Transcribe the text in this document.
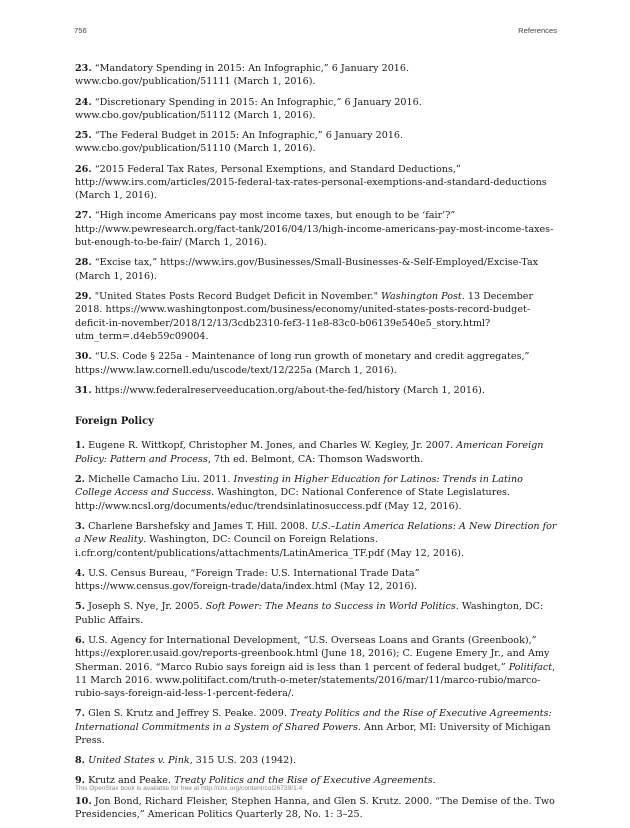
756	References

23. “Mandatory Spending in 2015: An Infographic,” 6 January 2016. www.cbo.gov/publication/51111 (March 1, 2016).

24. “Discretionary Spending in 2015: An Infographic,” 6 January 2016. www.cbo.gov/publication/51112 (March 1, 2016).

25. “The Federal Budget in 2015: An Infographic,” 6 January 2016. www.cbo.gov/publication/51110 (March 1, 2016).

26. “2015 Federal Tax Rates, Personal Exemptions, and Standard Deductions,” http://www.irs.com/articles/2015-federal-tax-rates-personal-exemptions-and-standard-deductions (March 1, 2016).

27. “High income Americans pay most income taxes, but enough to be ‘fair’?” http://www.pewresearch.org/fact-tank/2016/04/13/high-income-americans-pay-most-income-taxes-but-enough-to-be-fair/ (March 1, 2016).

28. “Excise tax,” https://www.irs.gov/Businesses/Small-Businesses-&-Self-Employed/Excise-Tax (March 1, 2016).

29. "United States Posts Record Budget Deficit in November." Washington Post. 13 December 2018. https://www.washingtonpost.com/business/economy/united-states-posts-record-budget-deficit-in-november/2018/12/13/3cdb2310-fef3-11e8-83c0-b06139e540e5_story.html?utm_term=.d4eb59c09004.

30. “U.S. Code § 225a - Maintenance of long run growth of monetary and credit aggregates,” https://www.law.cornell.edu/uscode/text/12/225a (March 1, 2016).

31. https://www.federalreserveeducation.org/about-the-fed/history (March 1, 2016).

Foreign Policy

1. Eugene R. Wittkopf, Christopher M. Jones, and Charles W. Kegley, Jr. 2007. American Foreign Policy: Pattern and Process, 7th ed. Belmont, CA: Thomson Wadsworth.

2. Michelle Camacho Liu. 2011. Investing in Higher Education for Latinos: Trends in Latino College Access and Success. Washington, DC: National Conference of State Legislatures. http://www.ncsl.org/documents/educ/trendsinlatinosuccess.pdf (May 12, 2016).

3. Charlene Barshefsky and James T. Hill. 2008. U.S.–Latin America Relations: A New Direction for a New Reality. Washington, DC: Council on Foreign Relations. i.cfr.org/content/publications/attachments/LatinAmerica_TF.pdf (May 12, 2016).

4. U.S. Census Bureau, “Foreign Trade: U.S. International Trade Data” https://www.census.gov/foreign-trade/data/index.html (May 12, 2016).

5. Joseph S. Nye, Jr. 2005. Soft Power: The Means to Success in World Politics. Washington, DC: Public Affairs.

6. U.S. Agency for International Development, “U.S. Overseas Loans and Grants (Greenbook),” https://explorer.usaid.gov/reports-greenbook.html (June 18, 2016); C. Eugene Emery Jr., and Amy Sherman. 2016. “Marco Rubio says foreign aid is less than 1 percent of federal budget,” Politifact, 11 March 2016. www.politifact.com/truth-o-meter/statements/2016/mar/11/marco-rubio/marco-rubio-says-foreign-aid-less-1-percent-federa/.

7. Glen S. Krutz and Jeffrey S. Peake. 2009. Treaty Politics and the Rise of Executive Agreements: International Commitments in a System of Shared Powers. Ann Arbor, MI: University of Michigan Press.

8. United States v. Pink, 315 U.S. 203 (1942).

9. Krutz and Peake. Treaty Politics and the Rise of Executive Agreements.

10. Jon Bond, Richard Fleisher, Stephen Hanna, and Glen S. Krutz. 2000. “The Demise of the. Two Presidencies,” American Politics Quarterly 28, No. 1: 3–25.

This OpenStax book is available for free at http://cnx.org/content/col26739/1.4
